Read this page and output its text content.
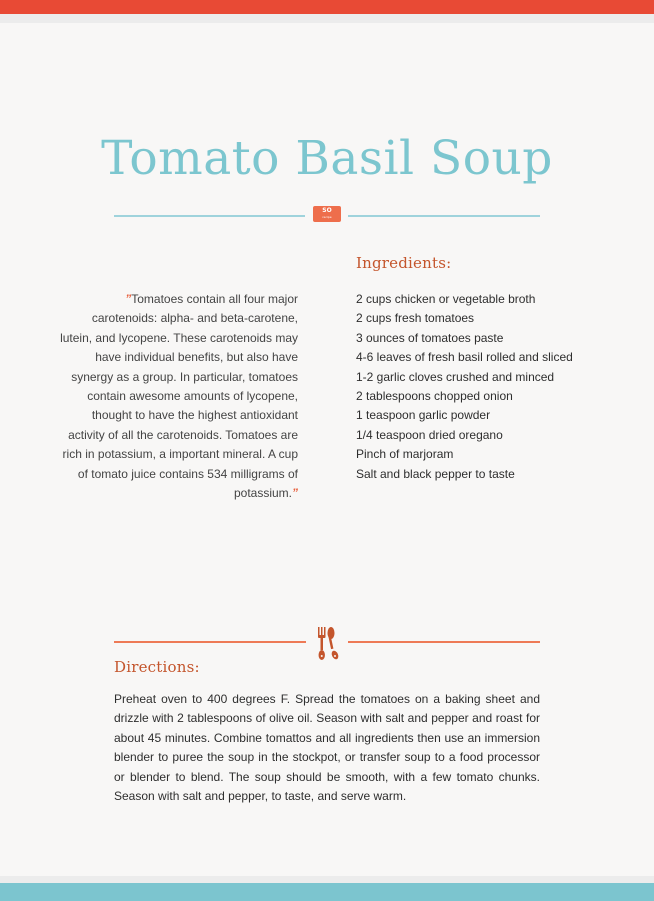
Tomato Basil Soup
SO
recipe
Ingredients:
”Tomatoes contain all four major carotenoids: alpha- and beta-carotene, lutein, and lycopene. These carotenoids may have individual benefits, but also have synergy as a group. In particular, tomatoes contain awesome amounts of lycopene, thought to have the highest antioxidant activity of all the carotenoids. Tomatoes are rich in potassium, a important mineral. A cup of tomato juice contains 534 milligrams of potassium.”
2 cups chicken or vegetable broth
2 cups fresh tomatoes
3 ounces of tomatoes paste
4-6 leaves of fresh basil rolled and sliced
1-2 garlic cloves crushed and minced
2 tablespoons chopped onion
1 teaspoon garlic powder
1/4 teaspoon dried oregano
Pinch of marjoram
Salt and black pepper to taste
Directions:

Preheat oven to 400 degrees F. Spread the tomatoes on a baking sheet and drizzle with 2 tablespoons of olive oil. Season with salt and pepper and roast for about 45 minutes. Combine tomattos and all ingredients then use an immersion blender to puree the soup in the stockpot, or transfer soup to a food processor or blender to blend. The soup should be smooth, with a few tomato chunks. Season with salt and pepper, to taste, and serve warm.
